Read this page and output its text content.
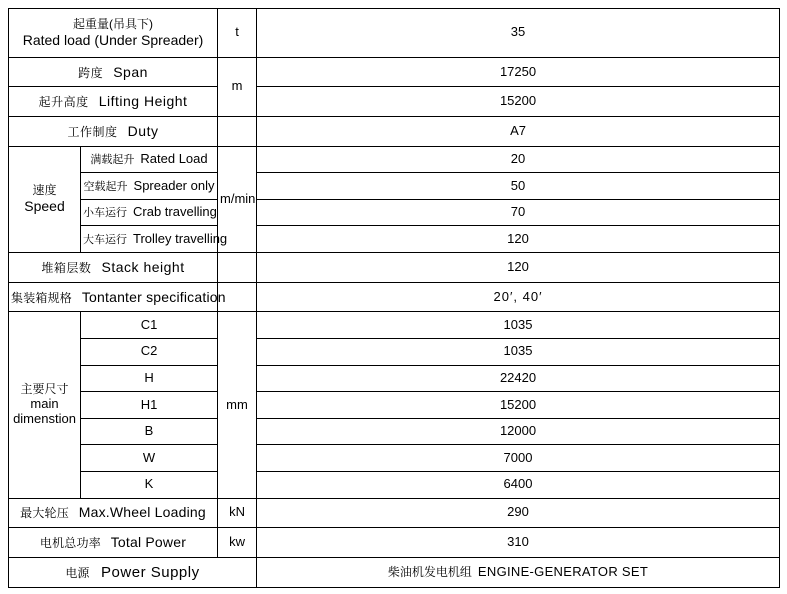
起重量(吊具下)
Rated load (Under Spreader)		t	35
跨度 Span		m	17250
起升高度 Lifting Height			15200
工作制度 Duty			A7

速度
Speed	满载起升 Rated Load	m/min	20
	空载起升 Spreader only		50
	小车运行 Crab travelling		70
	大车运行 Trolley travelling		120
堆箱层数 Stack height			120
集装箱规格 Tontanter specification			20′, 40′

主要尺寸
main
dimenstion	C1	mm	1035
	C2		1035
	H		22420
	H1		15200
	B		12000
	W		7000
	K		6400
最大轮压 Max.Wheel Loading		kN	290
电机总功率 Total Power		kw	310
电源 Power Supply			柴油机发电机组 ENGINE-GENERATOR SET
